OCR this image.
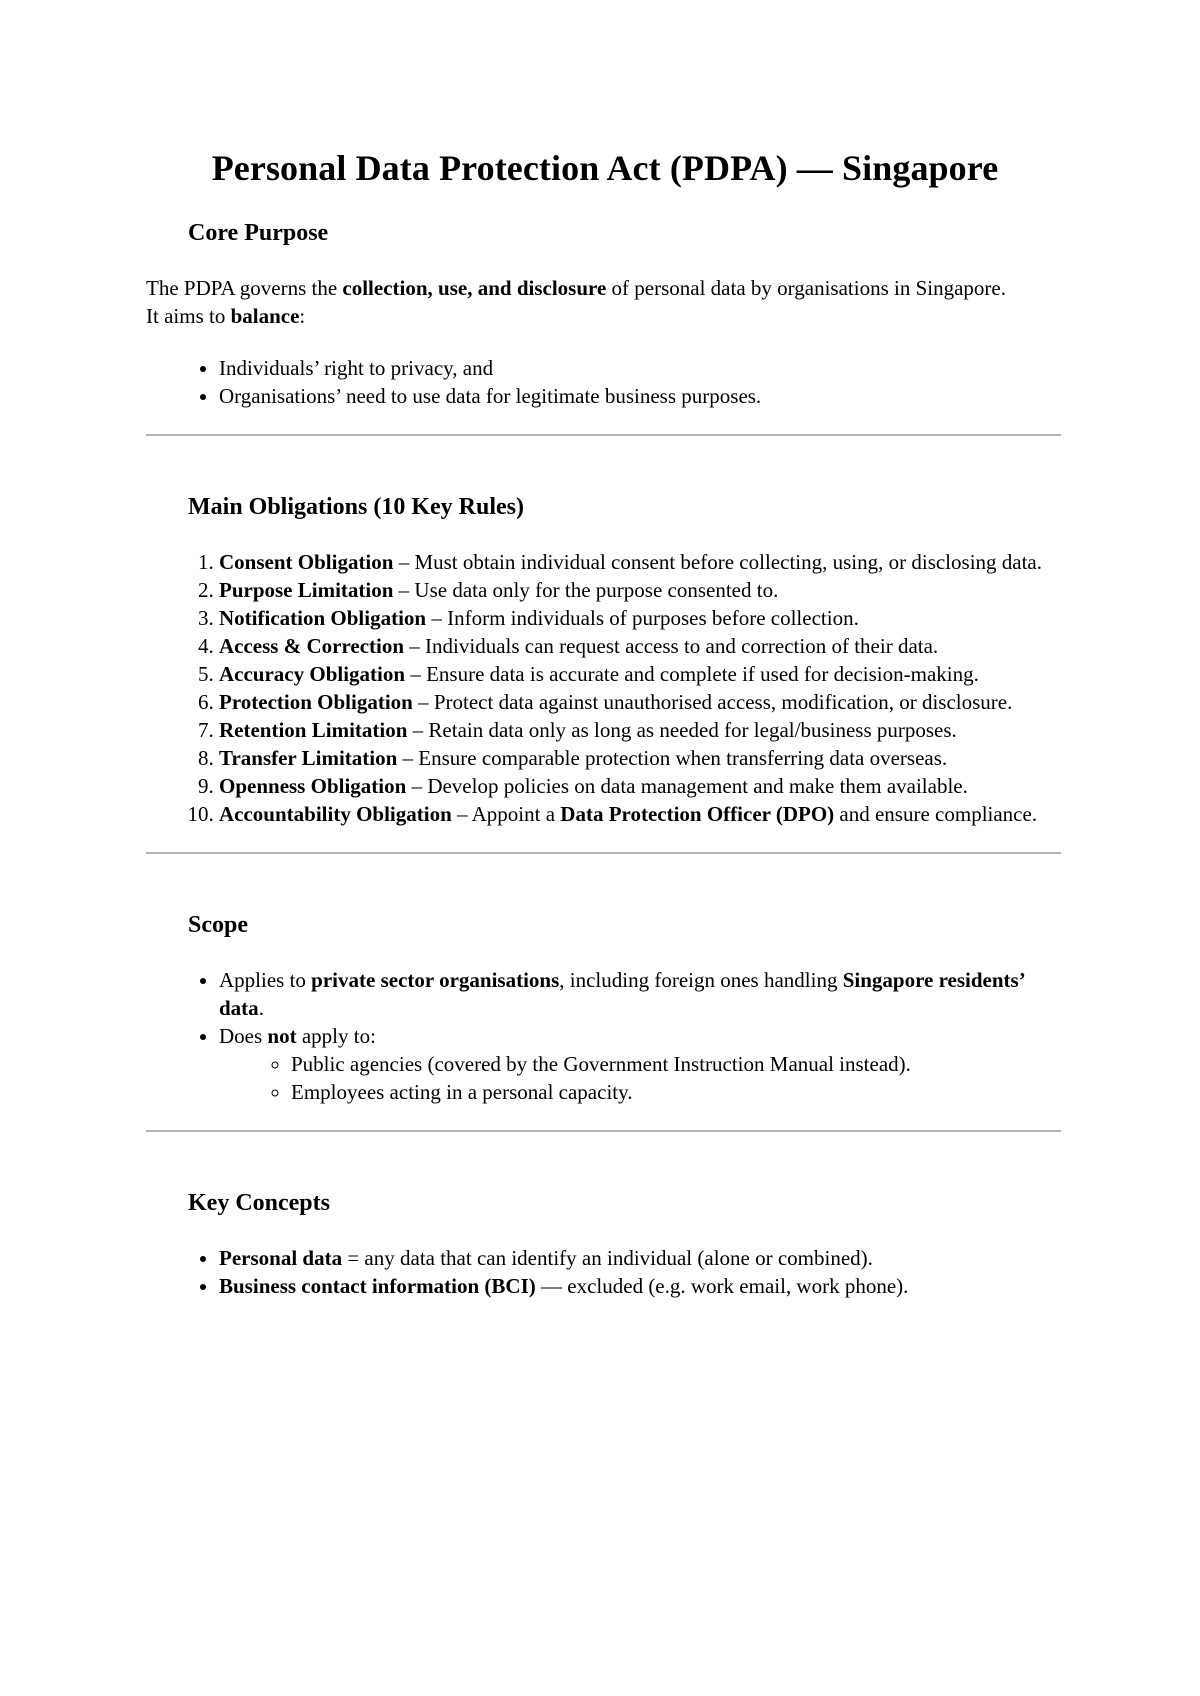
Personal Data Protection Act (PDPA) — Singapore
Core Purpose

The PDPA governs the collection, use, and disclosure of personal data by organisations in Singapore.

It aims to balance:

• Individuals’ right to privacy, and
• Organisations’ need to use data for legitimate business purposes.
Main Obligations (10 Key Rules)
1. Consent Obligation – Must obtain individual consent before collecting, using, or disclosing data.
2. Purpose Limitation – Use data only for the purpose consented to.
3. Notification Obligation – Inform individuals of purposes before collection.
4. Access & Correction – Individuals can request access to and correction of their data.
5. Accuracy Obligation – Ensure data is accurate and complete if used for decision-making.
6. Protection Obligation – Protect data against unauthorised access, modification, or disclosure.
7. Retention Limitation – Retain data only as long as needed for legal/business purposes.
8. Transfer Limitation – Ensure comparable protection when transferring data overseas.
9. Openness Obligation – Develop policies on data management and make them available.
10. Accountability Obligation – Appoint a Data Protection Officer (DPO) and ensure compliance.
Scope
• Applies to private sector organisations, including foreign ones handling Singapore residents’ data.
• Does not apply to:
◦ Public agencies (covered by the Government Instruction Manual instead).
◦ Employees acting in a personal capacity.
Key Concepts
• Personal data = any data that can identify an individual (alone or combined).
• Business contact information (BCI) — excluded (e.g. work email, work phone).
